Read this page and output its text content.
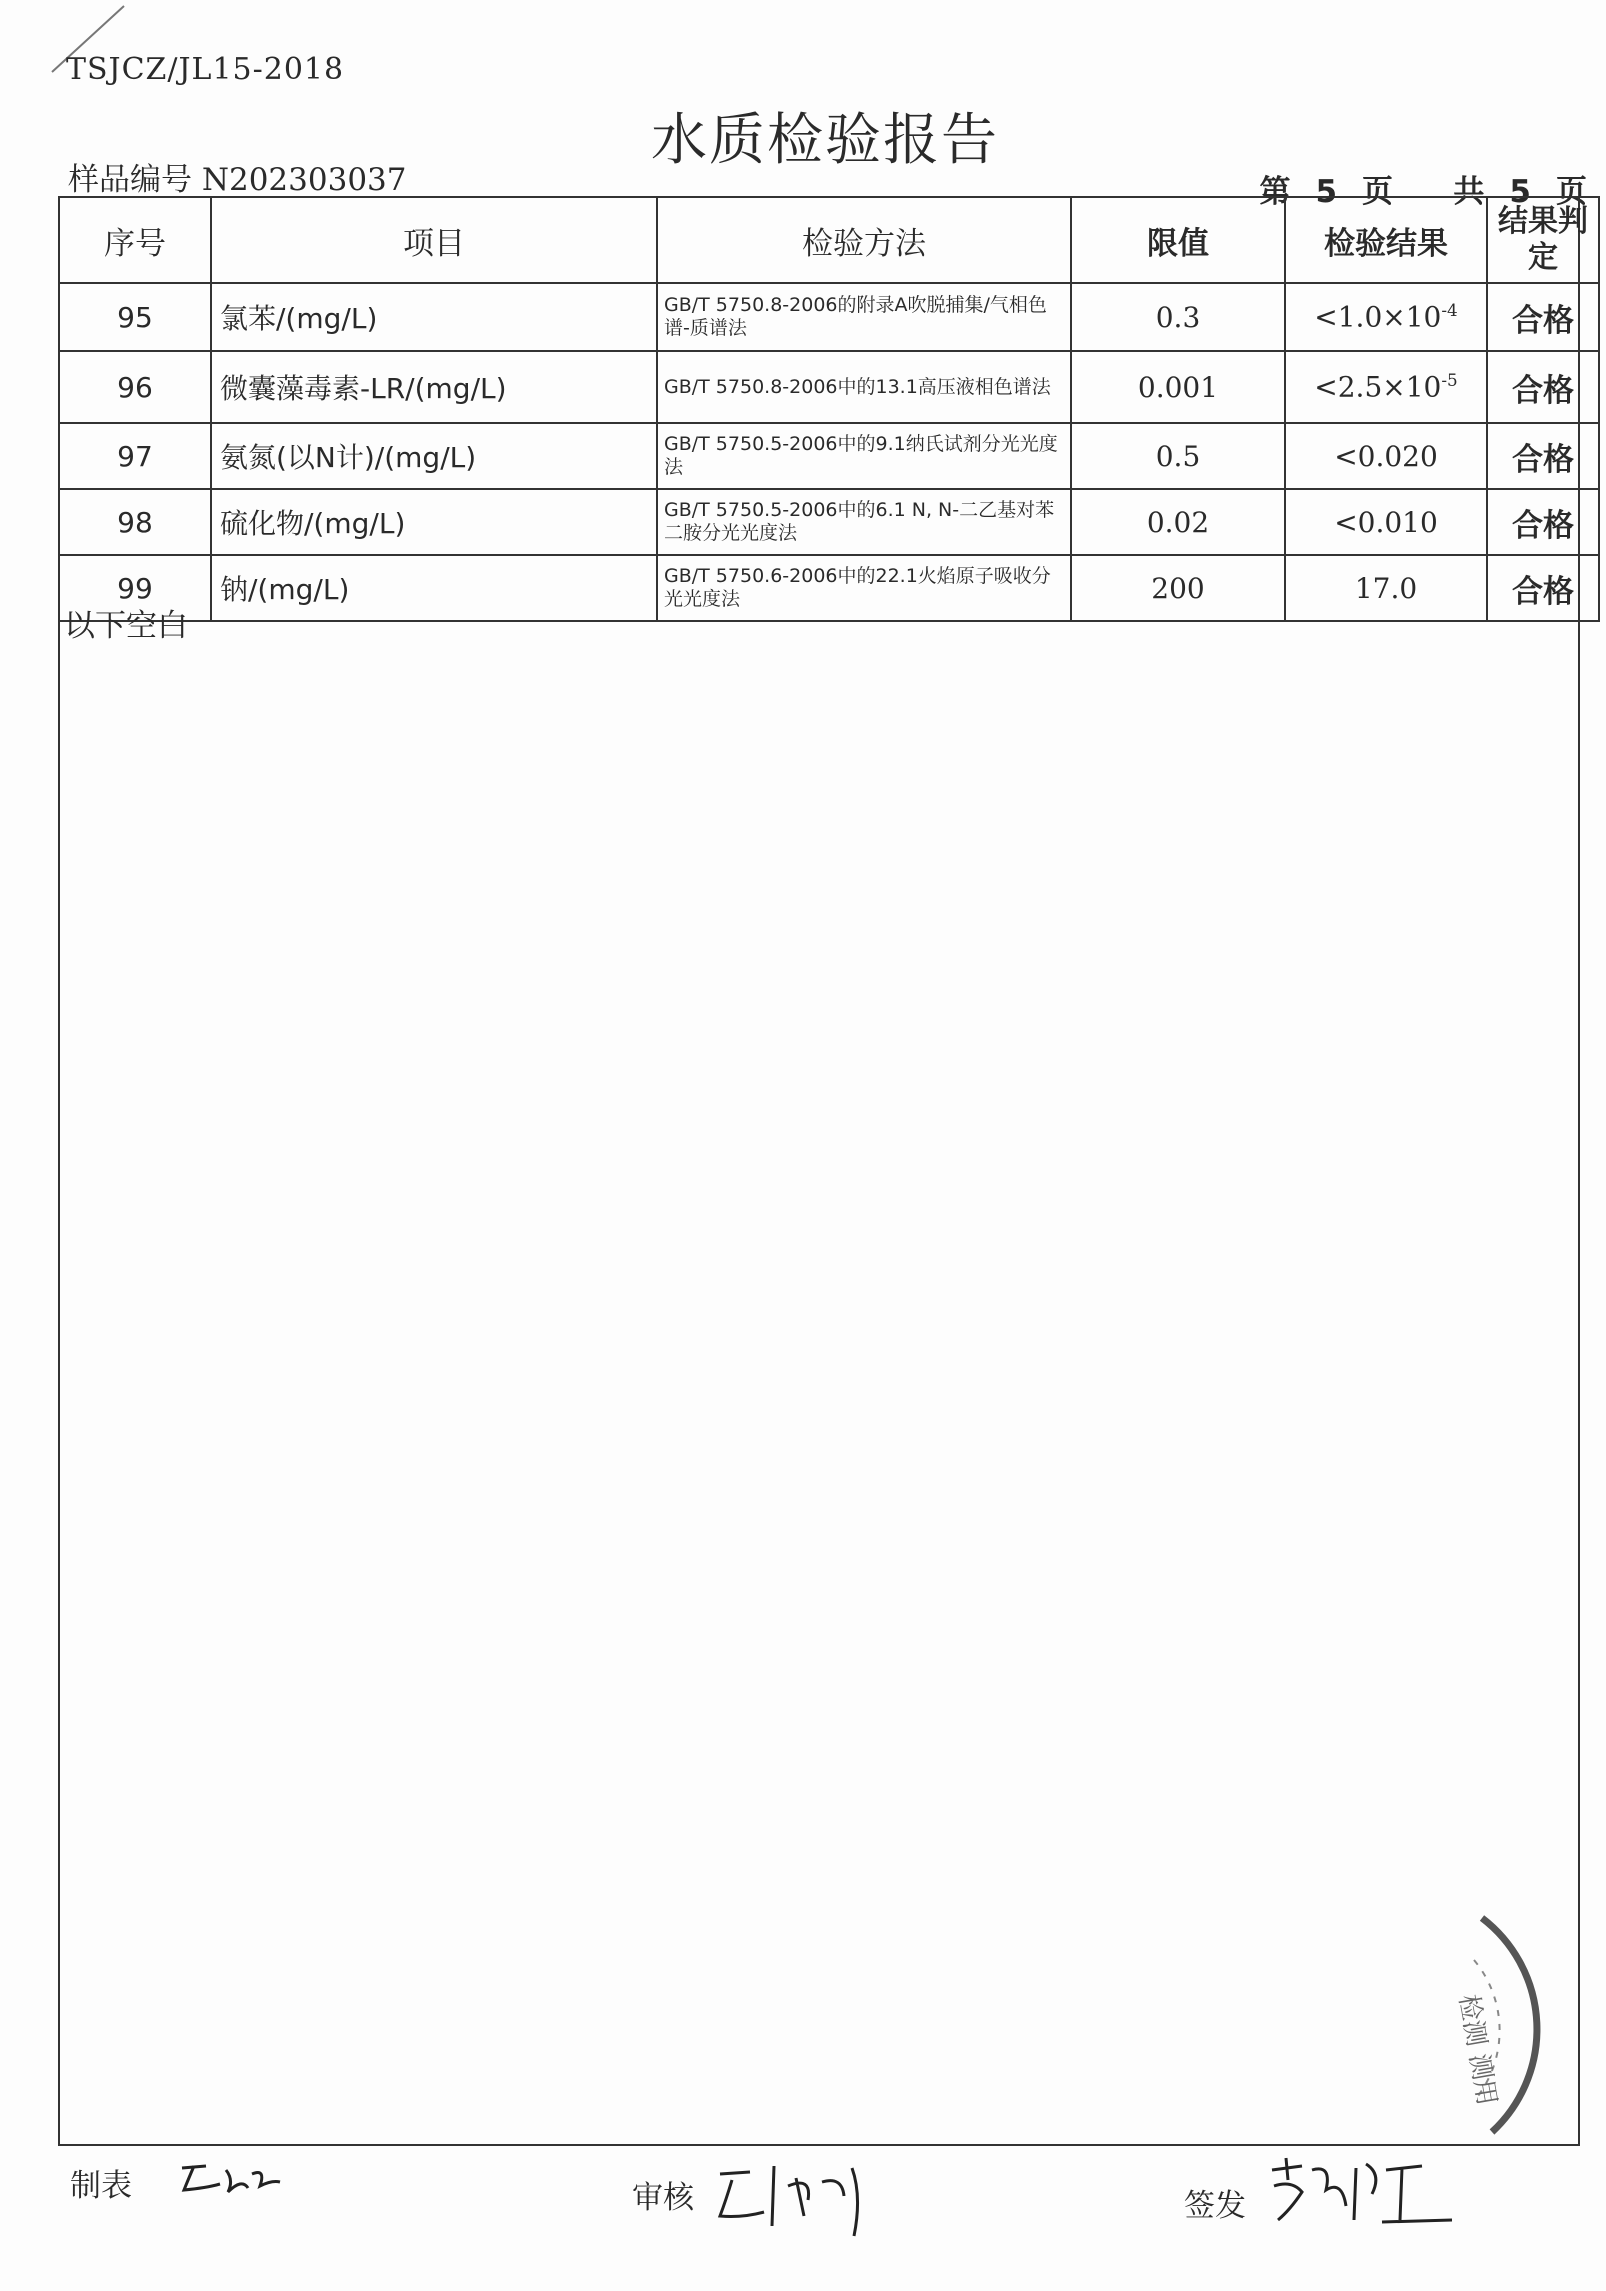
TSJCZ/JL15-2018
水质检验报告
样品编号 N202303037	第 5 页 共 5 页
序号	项目	检验方法	限值	检验结果	结果判定
95	氯苯/(mg/L)	GB/T 5750.8-2006的附录A吹脱捕集/气相色谱-质谱法	0.3	$<1.0\times 10^{-4}$	合格
96	微囊藻毒素-LR/(mg/L)	GB/T 5750.8-2006中的13.1高压液相色谱法	0.001	$<2.5\times 10^{-5}$	合格
97	氨氮(以N计)/(mg/L)	GB/T 5750.5-2006中的9.1纳氏试剂分光光度法	0.5	<0.020	合格
98	硫化物/(mg/L)	GB/T 5750.5-2006中的6.1 N, N-二乙基对苯二胺分光光度法	0.02	<0.010	合格
99	钠/(mg/L)	GB/T 5750.6-2006中的22.1火焰原子吸收分光光度法	200	17.0	合格
以下空白
检测 测用
制表	审核	签发
